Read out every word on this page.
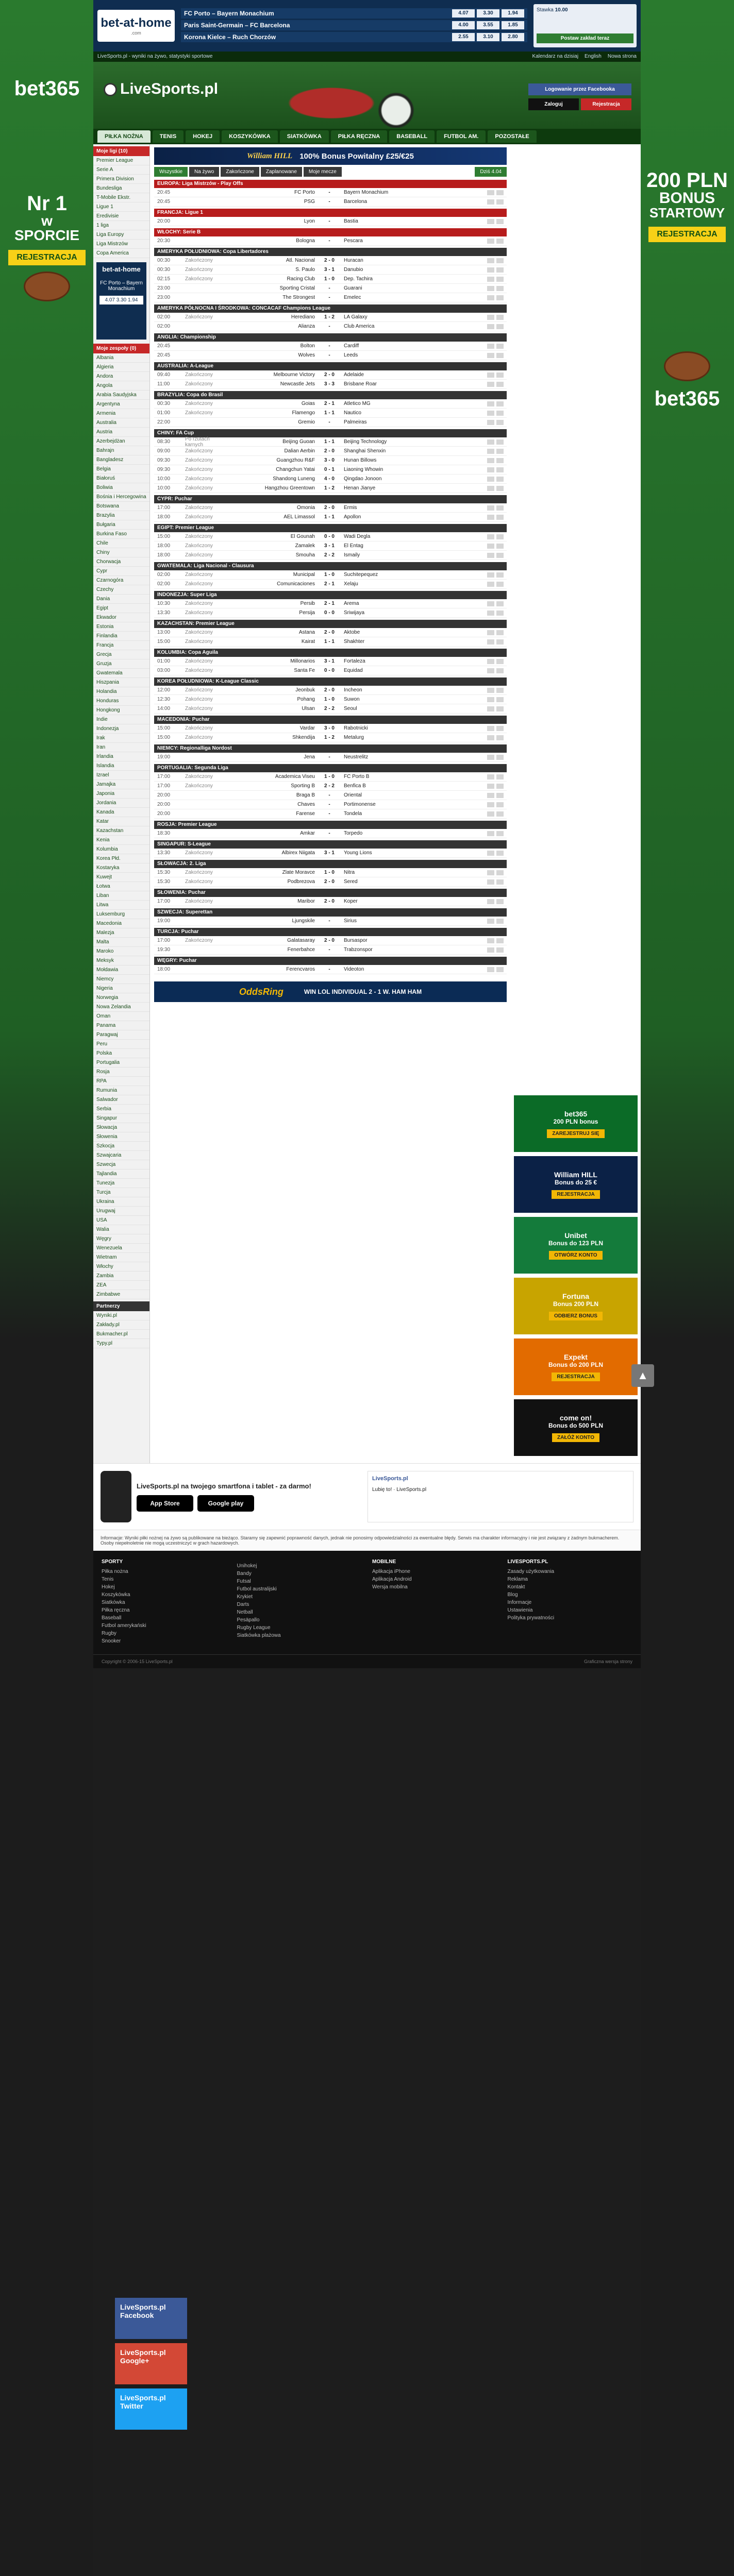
bet365
Nr 1
w
SPORCIE
REJESTRACJA
200 PLN
BONUS
STARTOWY
REJESTRACJA
bet365
bet-at-home
.com
FC Porto – Bayern Monachium	4.07	3.30	1.94
Paris Saint-Germain – FC Barcelona	4.00	3.55	1.85
Korona Kielce – Ruch Chorzów	2.55	3.10	2.80
Stawka 10.00
Postaw zakład teraz
LiveSports.pl - wyniki na żywo, statystyki sportowe	Kalendarz na dzisiaj English Nowa strona
LiveSports.pl	Logowanie przez Facebooka
Zaloguj	Rejestracja
PIŁKA NOŻNA	TENIS	HOKEJ	KOSZYKÓWKA	SIATKÓWKA	PIŁKA RĘCZNA	BASEBALL	FUTBOL AM.	POZOSTAŁE
Moje ligi (10)
Premier League
Serie A
Primera Division
Bundesliga
T-Mobile Ekstr.
Ligue 1
Eredivisie
1 liga
Liga Europy
Liga Mistrzów
Copa America
bet-at-home
FC Porto – Bayern Monachium
4.07 3.30 1.94
Moje zespoły (0)
Albania
Algieria
Andora
Angola
Arabia Saudyjska
Argentyna
Armenia
Australia
Austria
Azerbejdżan
Bahrajn
Bangladesz
Belgia
Białoruś
Boliwia
Bośnia i Hercegowina
Botswana
Brazylia
Bułgaria
Burkina Faso
Chile
Chiny
Chorwacja
Cypr
Czarnogóra
Czechy
Dania
Egipt
Ekwador
Estonia
Finlandia
Francja
Grecja
Gruzja
Gwatemala
Hiszpania
Holandia
Honduras
Hongkong
Indie
Indonezja
Irak
Iran
Irlandia
Islandia
Izrael
Jamajka
Japonia
Jordania
Kanada
Katar
Kazachstan
Kenia
Kolumbia
Korea Płd.
Kostaryka
Kuwejt
Łotwa
Liban
Litwa
Luksemburg
Macedonia
Malezja
Malta
Maroko
Meksyk
Mołdawia
Niemcy
Nigeria
Norwegia
Nowa Zelandia
Oman
Panama
Paragwaj
Peru
Polska
Portugalia
Rosja
RPA
Rumunia
Salwador
Serbia
Singapur
Słowacja
Słowenia
Szkocja
Szwajcaria
Szwecja
Tajlandia
Tunezja
Turcja
Ukraina
Urugwaj
USA
Walia
Węgry
Wenezuela
Wietnam
Włochy
Zambia
ZEA
Zimbabwe
Partnerzy
Wyniki.pl
Zakłady.pl
Bukmacher.pl
Typy.pl
William HILL 100% Bonus Powitalny £25/€25
Wszystkie	Na żywo	Zakończone	Zaplanowane	Moje mecze	Dziś 4.04
EUROPA: Liga Mistrzów - Play Offs
20:45	FC Porto	-	Bayern Monachium
20:45	PSG	-	Barcelona
FRANCJA: Ligue 1
20:00	Lyon	-	Bastia
WŁOCHY: Serie B
20:30	Bologna	-	Pescara
AMERYKA POŁUDNIOWA: Copa Libertadores
00:30	Zakończony	Atl. Nacional	2 - 0	Huracan
00:30	Zakończony	S. Paulo	3 - 1	Danubio
02:15	Zakończony	Racing Club	1 - 0	Dep. Tachira
23:00	Sporting Cristal	-	Guarani
23:00	The Strongest	-	Emelec
AMERYKA PÓŁNOCNA I ŚRODKOWA: CONCACAF Champions League
02:00	Zakończony	Herediano	1 - 2	LA Galaxy
02:00	Alianza	-	Club America
ANGLIA: Championship
20:45	Bolton	-	Cardiff
20:45	Wolves	-	Leeds
AUSTRALIA: A-League
09:40	Zakończony	Melbourne Victory	2 - 0	Adelaide
11:00	Zakończony	Newcastle Jets	3 - 3	Brisbane Roar
BRAZYLIA: Copa do Brasil
00:30	Zakończony	Goias	2 - 1	Atletico MG
01:00	Zakończony	Flamengo	1 - 1	Nautico
22:00	Gremio	-	Palmeiras
CHINY: FA Cup
08:30	Po rzutach karnych	Beijing Guoan	1 - 1	Beijing Technology
09:00	Zakończony	Dalian Aerbin	2 - 0	Shanghai Shenxin
09:30	Zakończony	Guangzhou R&F	3 - 0	Hunan Billows
09:30	Zakończony	Changchun Yatai	0 - 1	Liaoning Whowin
10:00	Zakończony	Shandong Luneng	4 - 0	Qingdao Jonoon
10:00	Zakończony	Hangzhou Greentown	1 - 2	Henan Jianye
CYPR: Puchar
17:00	Zakończony	Omonia	2 - 0	Ermis
18:00	Zakończony	AEL Limassol	1 - 1	Apollon
EGIPT: Premier League
15:00	Zakończony	El Gounah	0 - 0	Wadi Degla
18:00	Zakończony	Zamalek	3 - 1	El Entag
18:00	Zakończony	Smouha	2 - 2	Ismaily
GWATEMALA: Liga Nacional - Clausura
02:00	Zakończony	Municipal	1 - 0	Suchitepequez
02:00	Zakończony	Comunicaciones	2 - 1	Xelaju
INDONEZJA: Super Liga
10:30	Zakończony	Persib	2 - 1	Arema
13:30	Zakończony	Persija	0 - 0	Sriwijaya
KAZACHSTAN: Premier League
13:00	Zakończony	Astana	2 - 0	Aktobe
15:00	Zakończony	Kairat	1 - 1	Shakhter
KOLUMBIA: Copa Aguila
01:00	Zakończony	Millonarios	3 - 1	Fortaleza
03:00	Zakończony	Santa Fe	0 - 0	Equidad
KOREA POŁUDNIOWA: K-League Classic
12:00	Zakończony	Jeonbuk	2 - 0	Incheon
12:30	Zakończony	Pohang	1 - 0	Suwon
14:00	Zakończony	Ulsan	2 - 2	Seoul
MACEDONIA: Puchar
15:00	Zakończony	Vardar	3 - 0	Rabotnicki
15:00	Zakończony	Shkendija	1 - 2	Metalurg
NIEMCY: Regionalliga Nordost
19:00	Jena	-	Neustrelitz
PORTUGALIA: Segunda Liga
17:00	Zakończony	Academica Viseu	1 - 0	FC Porto B
17:00	Zakończony	Sporting B	2 - 2	Benfica B
20:00	Braga B	-	Oriental
20:00	Chaves	-	Portimonense
20:00	Farense	-	Tondela
ROSJA: Premier League
18:30	Amkar	-	Torpedo
SINGAPUR: S-League
13:30	Zakończony	Albirex Niigata	3 - 1	Young Lions
SŁOWACJA: 2. Liga
15:30	Zakończony	Zlate Moravce	1 - 0	Nitra
15:30	Zakończony	Podbrezova	2 - 0	Sered
SŁOWENIA: Puchar
17:00	Zakończony	Maribor	2 - 0	Koper
SZWECJA: Superettan
19:00	Ljungskile	-	Sirius
TURCJA: Puchar
17:00	Zakończony	Galatasaray	2 - 0	Bursaspor
19:30	Fenerbahce	-	Trabzonspor
WĘGRY: Puchar
18:00	Ferencvaros	-	Videoton
OddsRing	WIN LOL INDIVIDUAL 2 - 1 W. HAM HAM
bet365
200 PLN bonus
ZAREJESTRUJ SIĘ
William HILL
Bonus do 25 €
REJESTRACJA
Unibet
Bonus do 123 PLN
OTWÓRZ KONTO
Fortuna
Bonus 200 PLN
ODBIERZ BONUS
Expekt
Bonus do 200 PLN
REJESTRACJA
come on!
Bonus do 500 PLN
ZAŁÓŻ KONTO
LiveSports.pl na twojego smartfona i tablet - za darmo!
App Store	Google play
LiveSports.pl
Lubię to! · LiveSports.pl
Informacje: Wyniki piłki nożnej na żywo są publikowane na bieżąco. Staramy się zapewnić poprawność danych, jednak nie ponosimy odpowiedzialności za ewentualne błędy. Serwis ma charakter informacyjny i nie jest związany z żadnym bukmacherem. Osoby niepełnoletnie nie mogą uczestniczyć w grach hazardowych.
SPORTY
Piłka nożna
Tenis
Hokej
Koszykówka
Siatkówka
Piłka ręczna
Baseball
Futbol amerykański
Rugby
Snooker
Unihokej
Bandy
Futsal
Futbol australijski
Krykiet
Darts
Netball
Pesäpallo
Rugby League
Siatkówka plażowa
MOBILNE
Aplikacja iPhone
Aplikacja Android
Wersja mobilna
LIVESPORTS.PL
Zasady użytkowania
Reklama
Kontakt
Blog
Informacje
Ustawienia
Polityka prywatności
Copyright © 2006-15 LiveSports.pl	Graficzna wersja strony
▲
LiveSports.pl Facebook
LiveSports.pl Google+
LiveSports.pl Twitter
